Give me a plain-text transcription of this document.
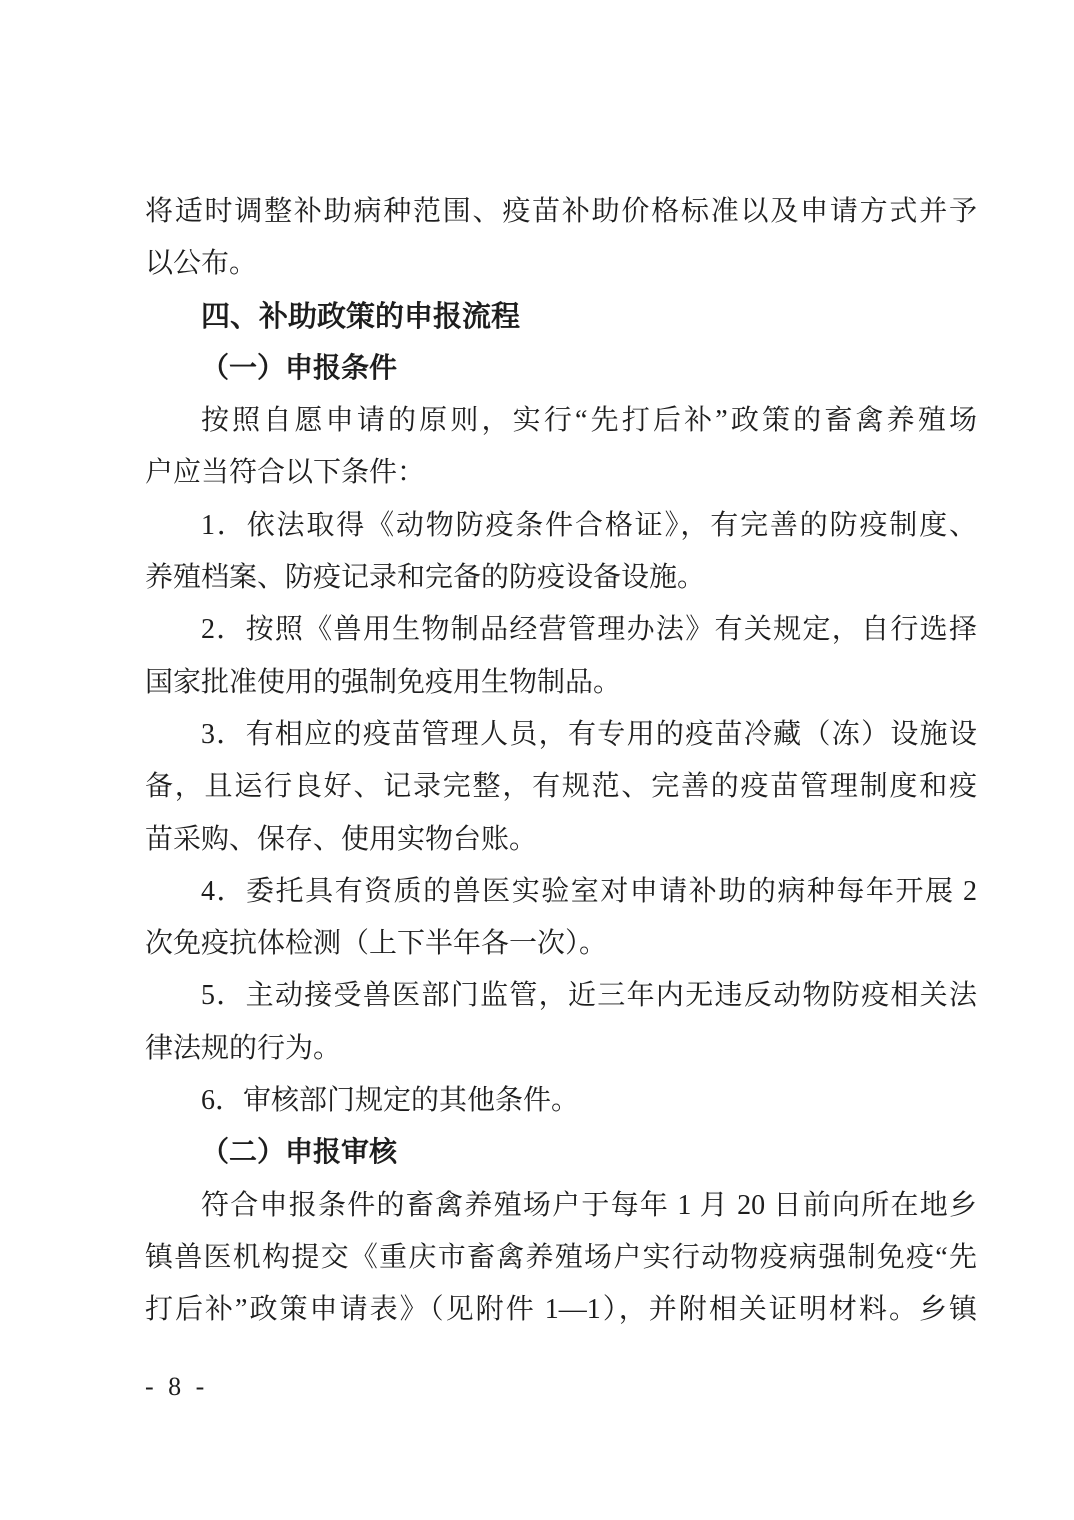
将适时调整补助病种范围、疫苗补助价格标准以及申请方式并予
以公布。
四、补助政策的申报流程
（一）申报条件
按照自愿申请的原则，实行“先打后补”政策的畜禽养殖场
户应当符合以下条件：
1．依法取得《动物防疫条件合格证》，有完善的防疫制度、
养殖档案、防疫记录和完备的防疫设备设施。
2．按照《兽用生物制品经营管理办法》有关规定，自行选择
国家批准使用的强制免疫用生物制品。
3．有相应的疫苗管理人员，有专用的疫苗冷藏（冻）设施设
备，且运行良好、记录完整，有规范、完善的疫苗管理制度和疫
苗采购、保存、使用实物台账。
4．委托具有资质的兽医实验室对申请补助的病种每年开展 2
次免疫抗体检测（上下半年各一次）。
5．主动接受兽医部门监管，近三年内无违反动物防疫相关法
律法规的行为。
6．审核部门规定的其他条件。
（二）申报审核
符合申报条件的畜禽养殖场户于每年 1 月 20 日前向所在地乡
镇兽医机构提交《重庆市畜禽养殖场户实行动物疫病强制免疫“先
打后补”政策申请表》（见附件 1—1），并附相关证明材料。乡镇
- 8 -
